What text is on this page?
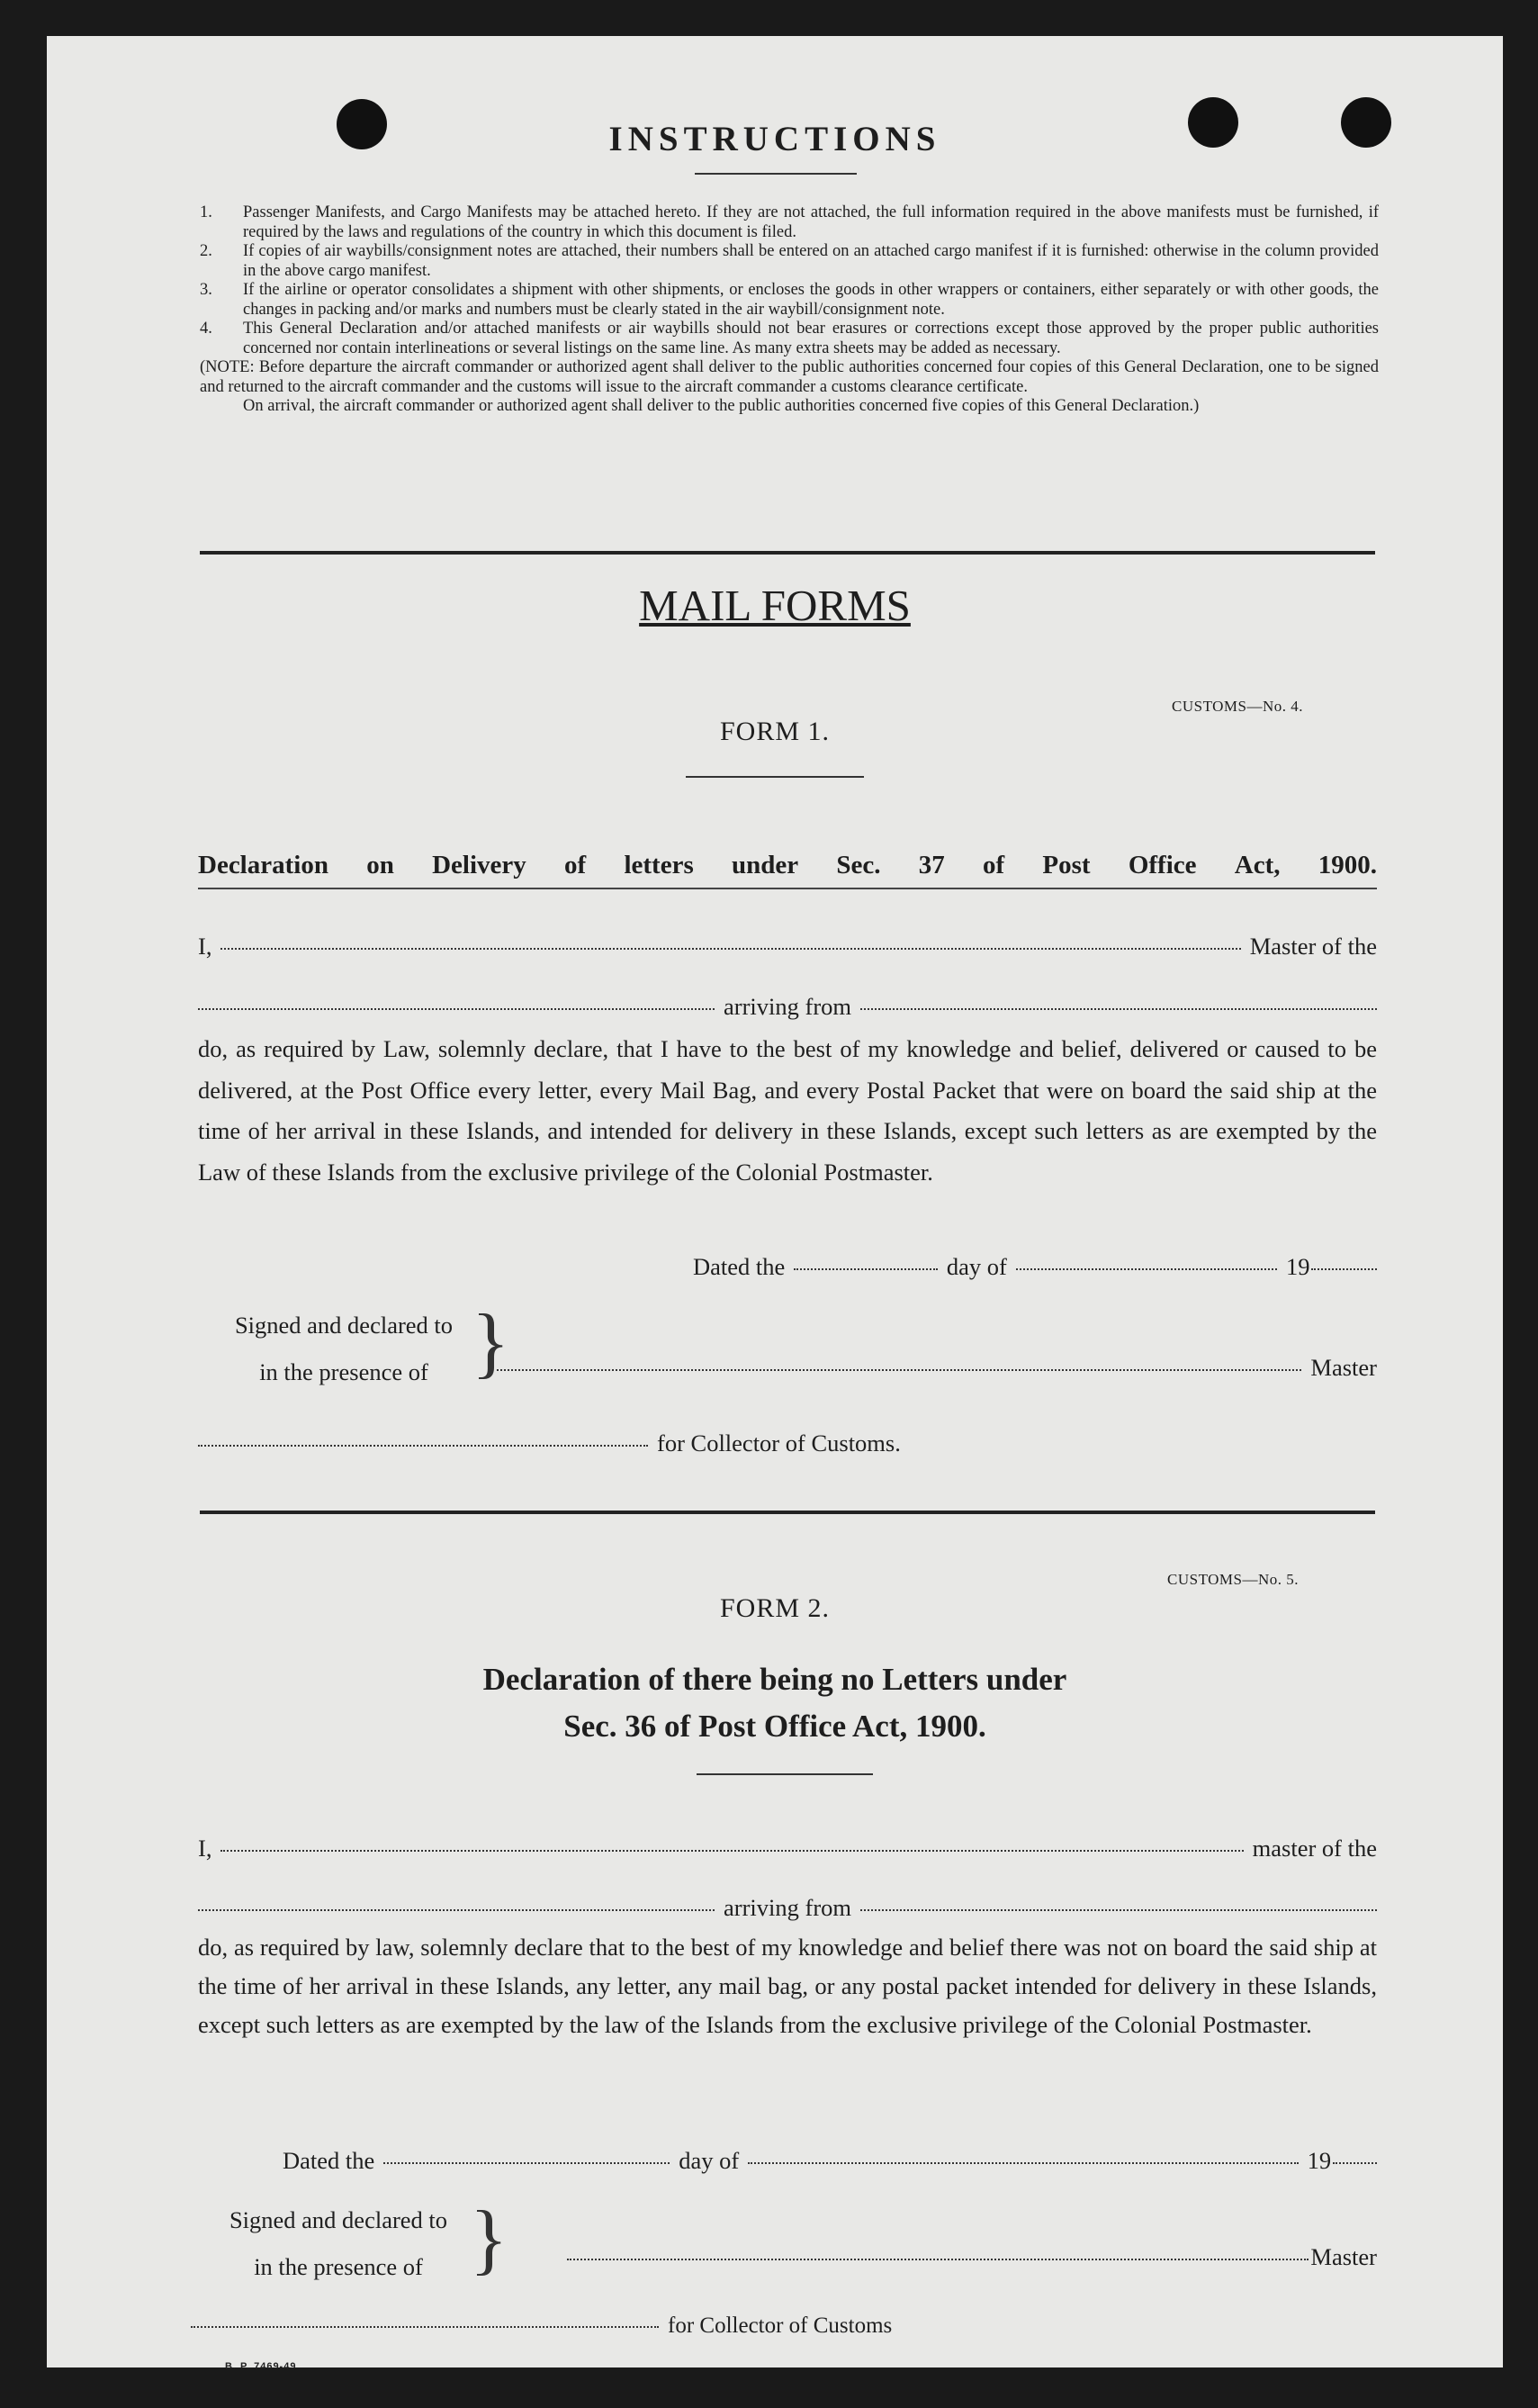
INSTRUCTIONS
1. Passenger Manifests, and Cargo Manifests may be attached hereto. If they are not attached, the full information required in the above manifests must be furnished, if required by the laws and regulations of the country in which this document is filed.
2. If copies of air waybills/consignment notes are attached, their numbers shall be entered on an attached cargo manifest if it is furnished: otherwise in the column provided in the above cargo manifest.
3. If the airline or operator consolidates a shipment with other shipments, or encloses the goods in other wrappers or containers, either separately or with other goods, the changes in packing and/or marks and numbers must be clearly stated in the air waybill/consignment note.
4. This General Declaration and/or attached manifests or air waybills should not bear erasures or corrections except those approved by the proper public authorities concerned nor contain interlineations or several listings on the same line. As many extra sheets may be added as necessary.
(NOTE: Before departure the aircraft commander or authorized agent shall deliver to the public authorities concerned four copies of this General Declaration, one to be signed and returned to the aircraft commander and the customs will issue to the aircraft commander a customs clearance certificate.
On arrival, the aircraft commander or authorized agent shall deliver to the public authorities concerned five copies of this General Declaration.)
MAIL FORMS
CUSTOMS—No. 4.
FORM 1.
Declaration on Delivery of letters under Sec. 37 of Post Office Act, 1900.
I,	Master of the
arriving from
do, as required by Law, solemnly declare, that I have to the best of my knowledge and belief, delivered or caused to be delivered, at the Post Office every letter, every Mail Bag, and every Postal Packet that were on board the said ship at the time of her arrival in these Islands, and intended for delivery in these Islands, except such letters as are exempted by the Law of these Islands from the exclusive privilege of the Colonial Postmaster.
Dated the	day of	19
Signed and declared to
in the presence of }	Master
for Collector of Customs.
CUSTOMS—No. 5.
FORM 2.
Declaration of there being no Letters under
Sec. 36 of Post Office Act, 1900.
I,	master of the
arriving from
do, as required by law, solemnly declare that to the best of my knowledge and belief there was not on board the said ship at the time of her arrival in these Islands, any letter, any mail bag, or any postal packet intended for delivery in these Islands, except such letters as are exempted by the law of the Islands from the exclusive privilege of the Colonial Postmaster.
Dated the	day of	19
Signed and declared to
in the presence of }	Master
for Collector of Customs
B. P. 7469-49
